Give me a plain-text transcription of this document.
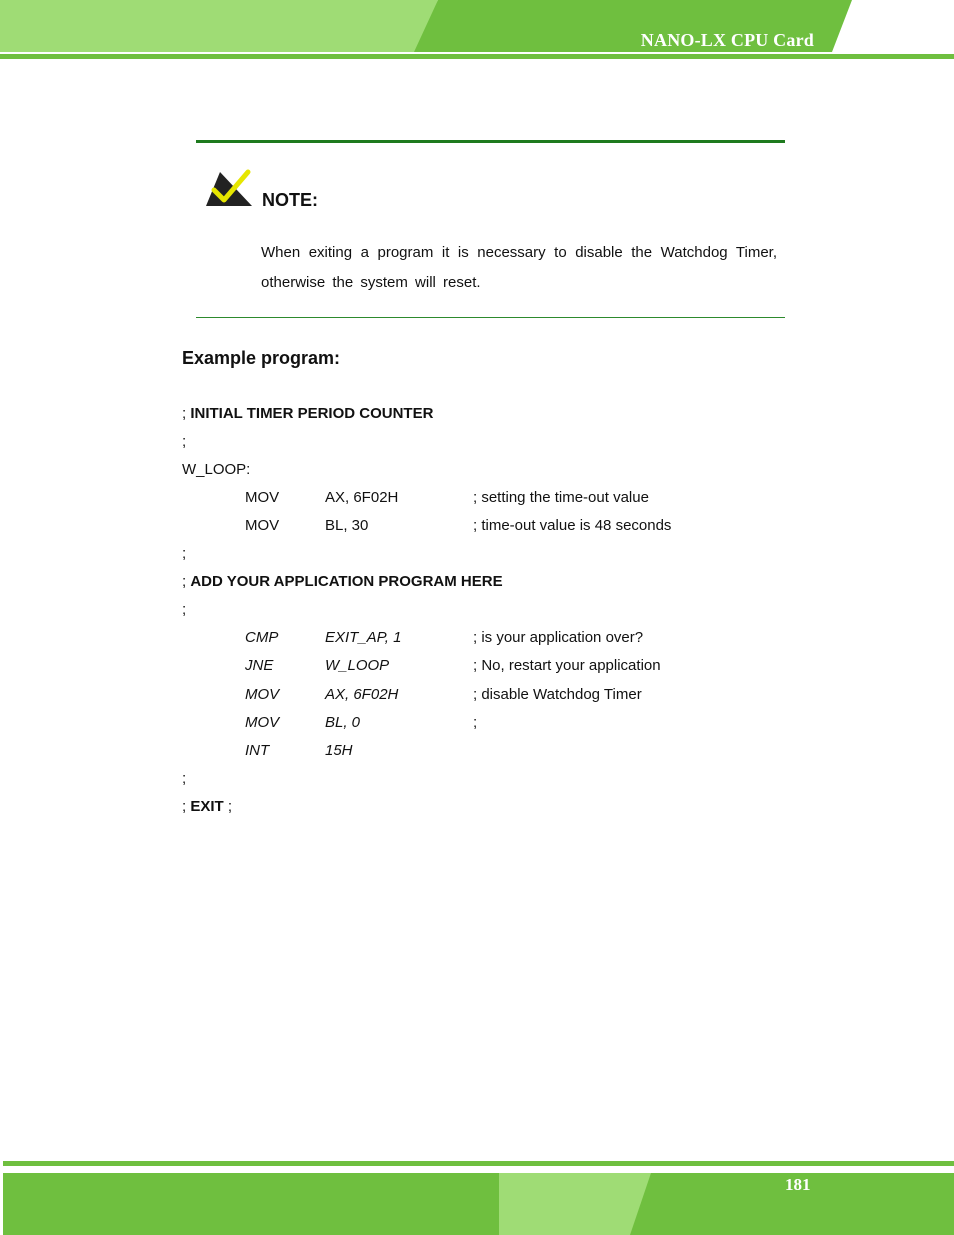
NANO-LX CPU Card
NOTE:
When exiting a program it is necessary to disable the Watchdog Timer, otherwise the system will reset.
Example program:
; INITIAL TIMER PERIOD COUNTER
;
W_LOOP:
MOV	AX, 6F02H	; setting the time-out value
MOV	BL, 30	; time-out value is 48 seconds
;
; ADD YOUR APPLICATION PROGRAM HERE
;
CMP	EXIT_AP, 1	; is your application over?
JNE	W_LOOP	; No, restart your application
MOV	AX, 6F02H	; disable Watchdog Timer
MOV	BL, 0	;
INT	15H
;
; EXIT ;
181
